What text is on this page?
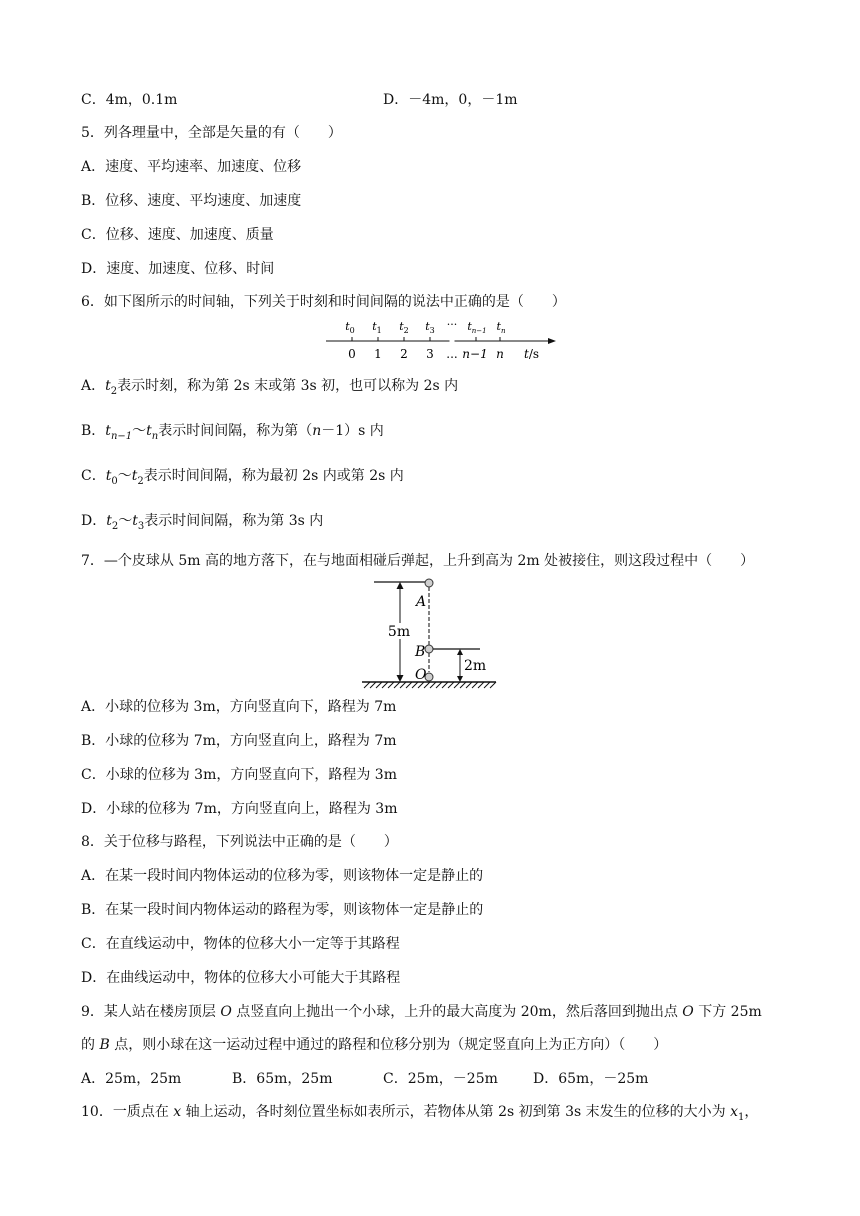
C．4m，0.1m	D．－4m，0，－1m
5．列各理量中，全部是矢量的有（　　）
A．速度、平均速率、加速度、位移
B．位移、速度、平均速度、加速度
C．位移、速度、加速度、质量
D．速度、加速度、位移、时间
6．如下图所示的时间轴，下列关于时刻和时间间隔的说法中正确的是（　　）
$t_0$ $t_1$ $t_2$ $t_3$ ··· $t_{n-1}$ $t_n$
0 1 2 3 ... n−1 n t/s
A．$t_2$表示时刻，称为第 2s 末或第 3s 初，也可以称为 2s 内
B．$t_{n-1}\sim t_n$表示时间间隔，称为第（n－1）s 内
C．$t_0\sim t_2$表示时间间隔，称为最初 2s 内或第 2s 内
D．$t_2\sim t_3$表示时间间隔，称为第 3s 内
7．—个皮球从 5m 高的地方落下，在与地面相碰后弹起，上升到高为 2m 处被接住，则这段过程中（　　）
5m
A
B
O
2m
A．小球的位移为 3m，方向竖直向下，路程为 7m
B．小球的位移为 7m，方向竖直向上，路程为 7m
C．小球的位移为 3m，方向竖直向下，路程为 3m
D．小球的位移为 7m，方向竖直向上，路程为 3m
8．关于位移与路程，下列说法中正确的是（　　）
A．在某一段时间内物体运动的位移为零，则该物体一定是静止的
B．在某一段时间内物体运动的路程为零，则该物体一定是静止的
C．在直线运动中，物体的位移大小一定等于其路程
D．在曲线运动中，物体的位移大小可能大于其路程
9．某人站在楼房顶层 O 点竖直向上抛出一个小球，上升的最大高度为 20m，然后落回到抛出点 O 下方 25m
的 B 点，则小球在这一运动过程中通过的路程和位移分别为（规定竖直向上为正方向）（　　）
A．25m，25m	B．65m，25m	C．25m，－25m	D．65m，－25m
10．一质点在 x 轴上运动，各时刻位置坐标如表所示，若物体从第 2s 初到第 3s 末发生的位移的大小为 $x_1$，
